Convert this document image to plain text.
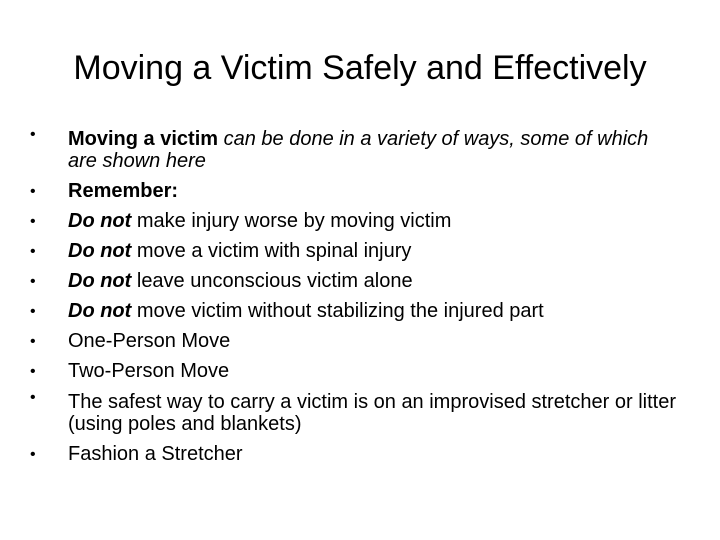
Moving a Victim Safely and Effectively
• Moving a victim can be done in a variety of ways, some of which are shown here
• Remember:
• Do not make injury worse by moving victim
• Do not move a victim with spinal injury
• Do not leave unconscious victim alone
• Do not move victim without stabilizing the injured part
• One-Person Move
• Two-Person Move
• The safest way to carry a victim is on an improvised stretcher or litter (using poles and blankets)
• Fashion a Stretcher
